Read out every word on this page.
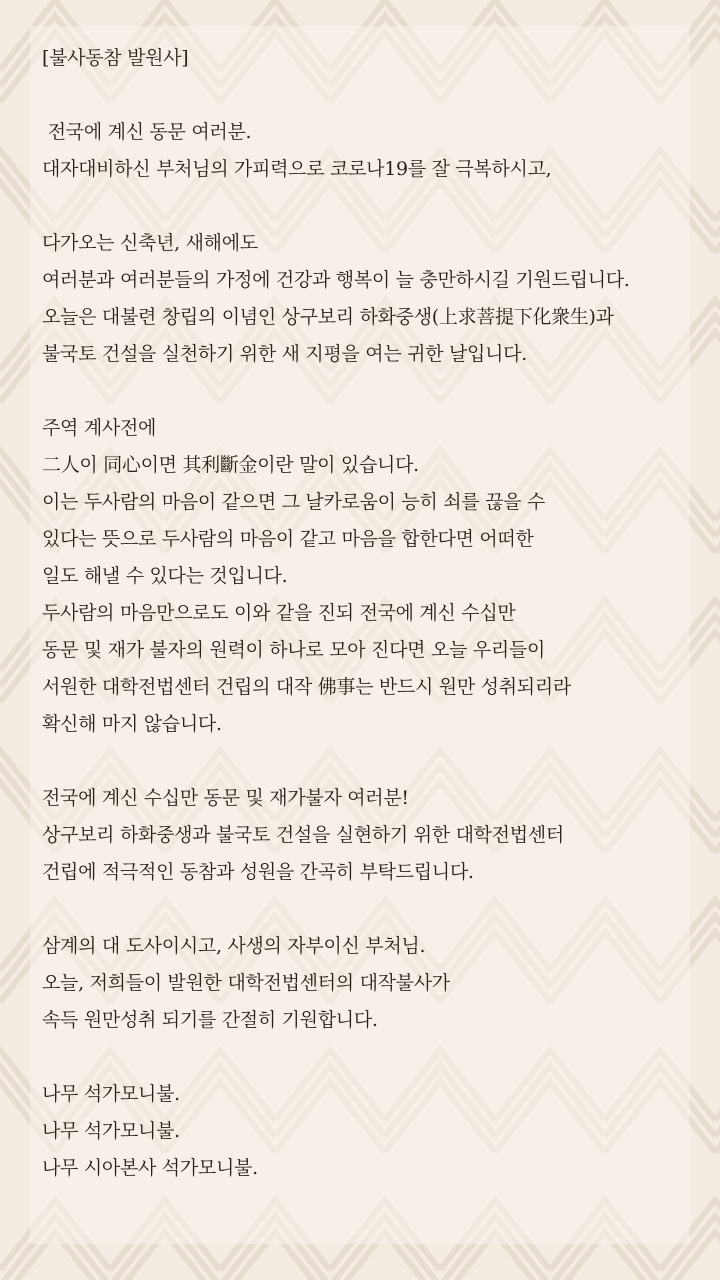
[불사동참 발원사]
전국에 계신 동문 여러분.
대자대비하신 부처님의 가피력으로 코로나19를 잘 극복하시고,
다가오는 신축년, 새해에도
여러분과 여러분들의 가정에 건강과 행복이 늘 충만하시길 기원드립니다.
오늘은 대불련 창립의 이념인 상구보리 하화중생(上求菩提下化衆生)과
불국토 건설을 실천하기 위한 새 지평을 여는 귀한 날입니다.
주역 계사전에
二人이 同心이면 其利斷金이란 말이 있습니다.
이는 두사람의 마음이 같으면 그 날카로움이 능히 쇠를 끊을 수
있다는 뜻으로 두사람의 마음이 같고 마음을 합한다면 어떠한
일도 해낼 수 있다는 것입니다.
두사람의 마음만으로도 이와 같을 진되 전국에 계신 수십만
동문 및 재가 불자의 원력이 하나로 모아 진다면 오늘 우리들이
서원한 대학전법센터 건립의 대작 佛事는 반드시 원만 성취되리라
확신해 마지 않습니다.
전국에 계신 수십만 동문 및 재가불자 여러분!
상구보리 하화중생과 불국토 건설을 실현하기 위한 대학전법센터
건립에 적극적인 동참과 성원을 간곡히 부탁드립니다.
삼계의 대 도사이시고, 사생의 자부이신 부처님.
오늘, 저희들이 발원한 대학전법센터의 대작불사가
속득 원만성취 되기를 간절히 기원합니다.
나무 석가모니불.
나무 석가모니불.
나무 시아본사 석가모니불.
